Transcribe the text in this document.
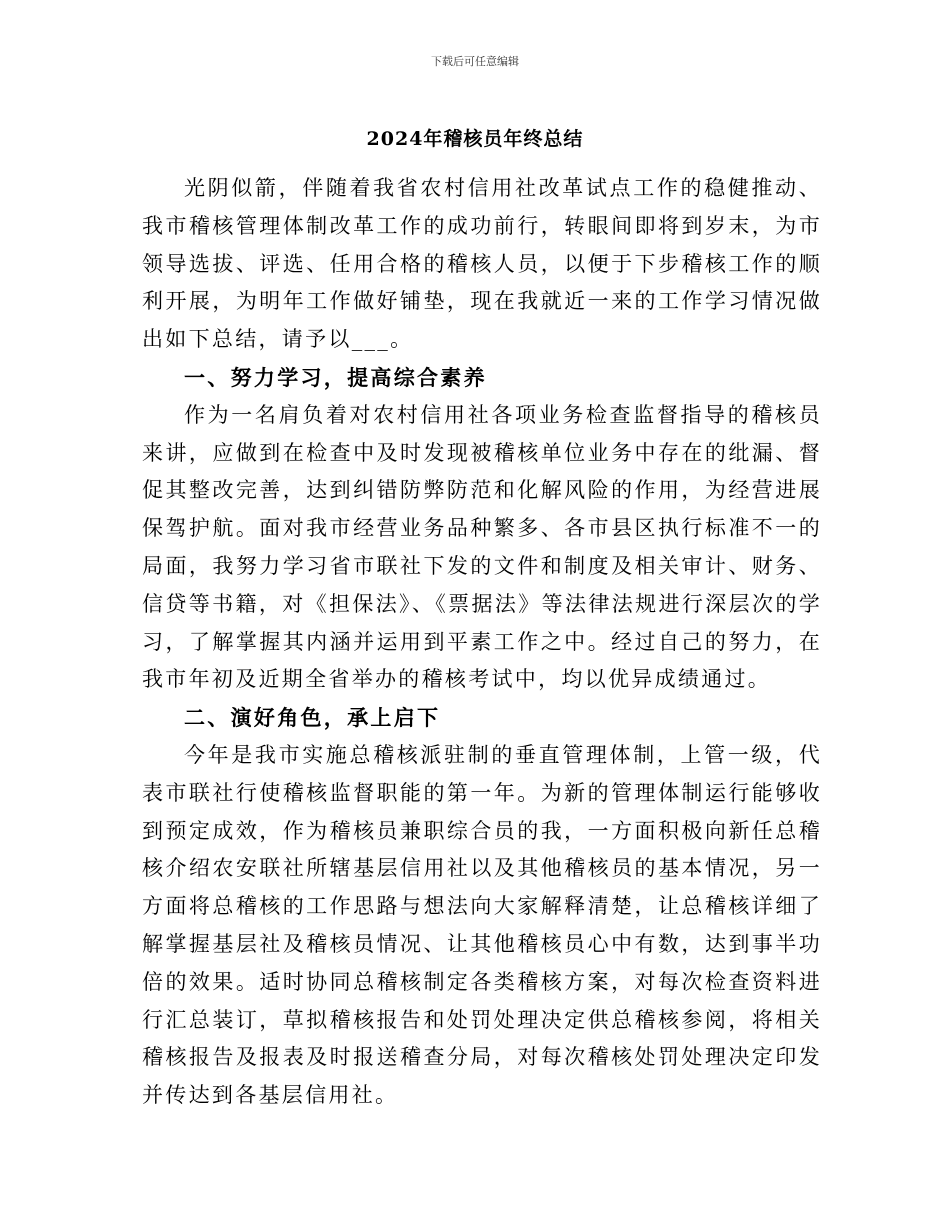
下载后可任意编辑
2024年稽核员年终总结

光阴似箭，伴随着我省农村信用社改革试点工作的稳健推动、我市稽核管理体制改革工作的成功前行，转眼间即将到岁末，为市领导选拔、评选、任用合格的稽核人员，以便于下步稽核工作的顺利开展，为明年工作做好铺垫，现在我就近一来的工作学习情况做出如下总结，请予以___。

一、努力学习，提高综合素养

作为一名肩负着对农村信用社各项业务检查监督指导的稽核员来讲，应做到在检查中及时发现被稽核单位业务中存在的纰漏、督促其整改完善，达到纠错防弊防范和化解风险的作用，为经营进展保驾护航。面对我市经营业务品种繁多、各市县区执行标准不一的局面，我努力学习省市联社下发的文件和制度及相关审计、财务、信贷等书籍，对《担保法》、《票据法》等法律法规进行深层次的学习，了解掌握其内涵并运用到平素工作之中。经过自己的努力，在我市年初及近期全省举办的稽核考试中，均以优异成绩通过。

二、演好角色，承上启下

今年是我市实施总稽核派驻制的垂直管理体制，上管一级，代表市联社行使稽核监督职能的第一年。为新的管理体制运行能够收到预定成效，作为稽核员兼职综合员的我，一方面积极向新任总稽核介绍农安联社所辖基层信用社以及其他稽核员的基本情况，另一方面将总稽核的工作思路与想法向大家解释清楚，让总稽核详细了解掌握基层社及稽核员情况、让其他稽核员心中有数，达到事半功倍的效果。适时协同总稽核制定各类稽核方案，对每次检查资料进行汇总装订，草拟稽核报告和处罚处理决定供总稽核参阅，将相关稽核报告及报表及时报送稽查分局，对每次稽核处罚处理决定印发并传达到各基层信用社。
